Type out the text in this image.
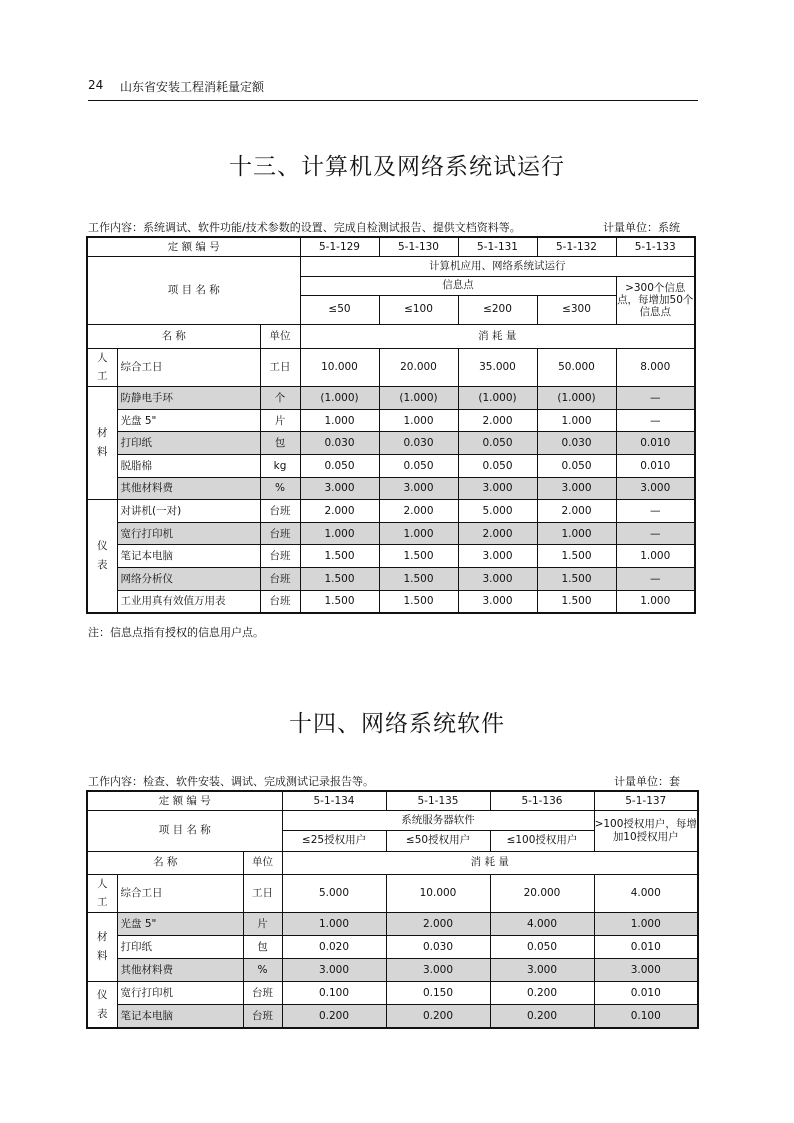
24 山东省安装工程消耗量定额
十三、计算机及网络系统试运行
工作内容：系统调试、软件功能/技术参数的设置、完成自检测试报告、提供文档资料等。	计量单位：系统
定 额 编 号			5-1-129	5-1-130	5-1-131	5-1-132	5-1-133
项 目 名 称			计算机应用、网络系统试运行				
			信息点				>300个信息点，每增加50个信息点
			≤50	≤100	≤200	≤300	
名 称		单位	消 耗 量				

人
工	综合工日	工日	10.000	20.000	35.000	50.000	8.000

材
料	防静电手环	个	(1.000)	(1.000)	(1.000)	(1.000)	—
	光盘 5"	片	1.000	1.000	2.000	1.000	—
	打印纸	包	0.030	0.030	0.050	0.030	0.010
	脱脂棉	kg	0.050	0.050	0.050	0.050	0.010
	其他材料费	%	3.000	3.000	3.000	3.000	3.000

仪
表	对讲机(一对)	台班	2.000	2.000	5.000	2.000	—
	宽行打印机	台班	1.000	1.000	2.000	1.000	—
	笔记本电脑	台班	1.500	1.500	3.000	1.500	1.000
	网络分析仪	台班	1.500	1.500	3.000	1.500	—
	工业用真有效值万用表	台班	1.500	1.500	3.000	1.500	1.000
注：信息点指有授权的信息用户点。
十四、网络系统软件
工作内容：检查、软件安装、调试、完成测试记录报告等。	计量单位：套
定 额 编 号			5-1-134	5-1-135	5-1-136	5-1-137
项 目 名 称			系统服务器软件			>100授权用户，每增加10授权用户
			≤25授权用户	≤50授权用户	≤100授权用户	
名 称		单位	消 耗 量			

人
工	综合工日	工日	5.000	10.000	20.000	4.000

材
料	光盘 5"	片	1.000	2.000	4.000	1.000
	打印纸	包	0.020	0.030	0.050	0.010
	其他材料费	%	3.000	3.000	3.000	3.000

仪
表	宽行打印机	台班	0.100	0.150	0.200	0.010
	笔记本电脑	台班	0.200	0.200	0.200	0.100
